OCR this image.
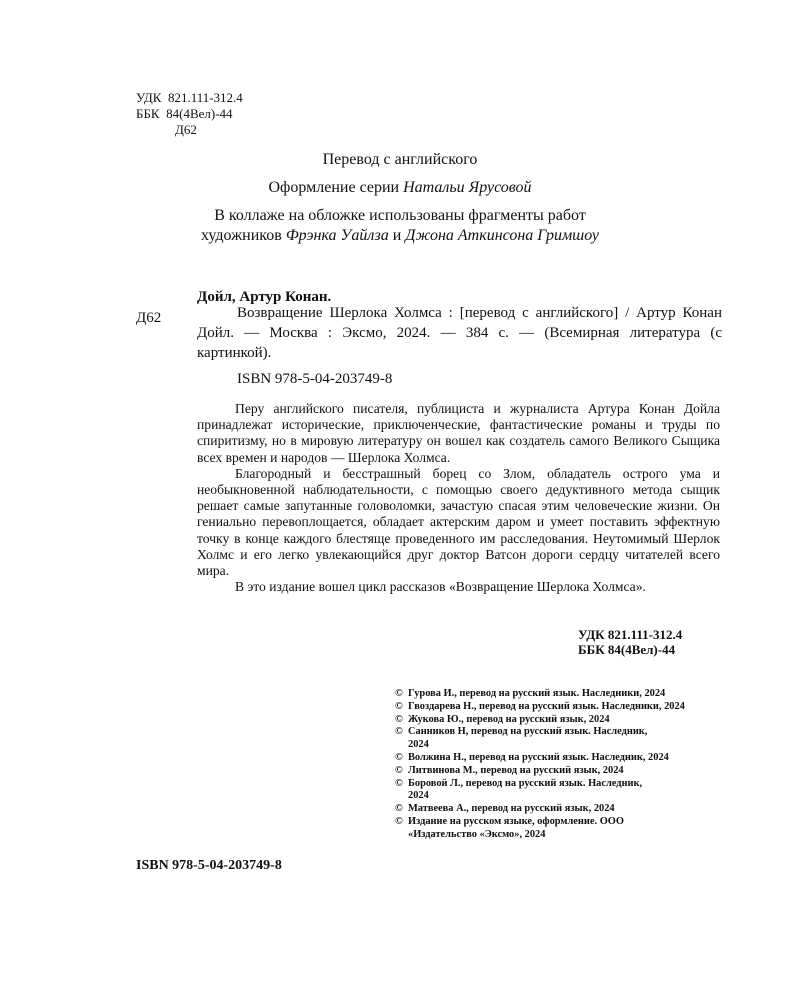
УДК 821.111-312.4
ББК 84(4Вел)-44
Д62
Перевод с английского
Оформление серии Натальи Ярусовой
В коллаже на обложке использованы фрагменты работ
художников Фрэнка Уайлза и Джона Аткинсона Гримшоу
Дойл, Артур Конан.
Д62	Возвращение Шерлока Холмса : [перевод с английского] / Артур Конан Дойл. — Москва : Эксмо, 2024. — 384 с. — (Всемирная литература (с картинкой).
ISBN 978-5-04-203749-8

Перу английского писателя, публициста и журналиста Артура Конан Дойла принадлежат исторические, приключенческие, фантастические романы и труды по спиритизму, но в мировую литературу он вошел как создатель самого Великого Сыщика всех времен и народов — Шерлока Холмса.

Благородный и бесстрашный борец со Злом, обладатель острого ума и необыкновенной наблюдательности, с помощью своего дедуктивного метода сыщик решает самые запутанные головоломки, зачастую спасая этим человеческие жизни. Он гениально перевоплощается, обладает актерским даром и умеет поставить эффектную точку в конце каждого блестяще проведенного им расследования. Неутомимый Шерлок Холмс и его легко увлекающийся друг доктор Ватсон дороги сердцу читателей всего мира.

В это издание вошел цикл рассказов «Возвращение Шерлока Холмса».

УДК 821.111-312.4
ББК 84(4Вел)-44
© Гурова И., перевод на русский язык. Наследники, 2024
© Гвоздарева Н., перевод на русский язык. Наследники, 2024
© Жукова Ю., перевод на русский язык, 2024
© Санников Н, перевод на русский язык. Наследник, 2024
© Волжина Н., перевод на русский язык. Наследник, 2024
© Литвинова М., перевод на русский язык, 2024
© Боровой Л., перевод на русский язык. Наследник, 2024
© Матвеева А., перевод на русский язык, 2024
© Издание на русском языке, оформление. ООО «Издательство «Эксмо», 2024
ISBN 978-5-04-203749-8
